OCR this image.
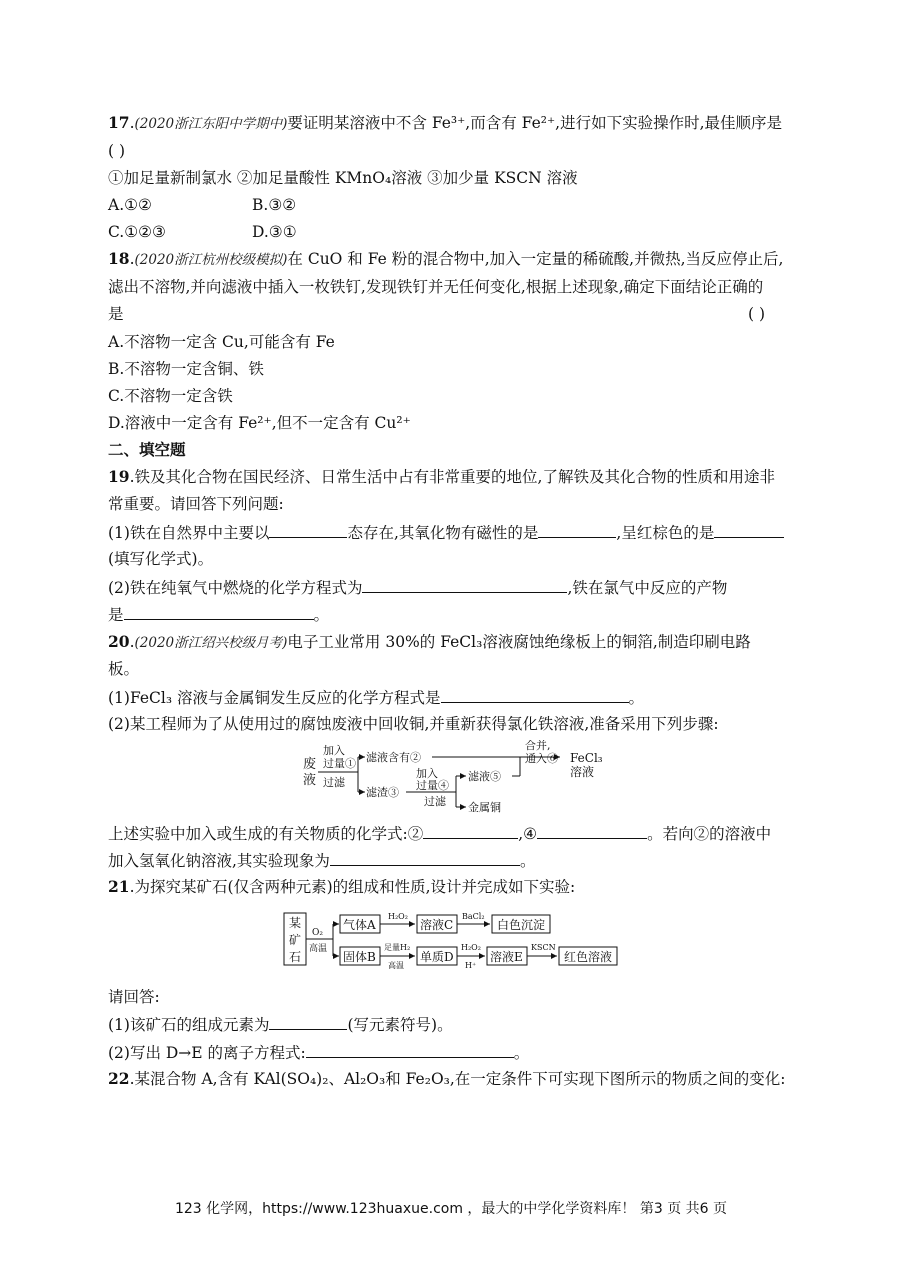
17.(2020浙江东阳中学期中)要证明某溶液中不含 Fe³⁺,而含有 Fe²⁺,进行如下实验操作时,最佳顺序是
( )
①加足量新制氯水 ②加足量酸性 KMnO₄溶液 ③加少量 KSCN 溶液
A.①②	B.③②
C.①②③	D.③①
18.(2020浙江杭州校级模拟)在 CuO 和 Fe 粉的混合物中,加入一定量的稀硫酸,并微热,当反应停止后,
滤出不溶物,并向滤液中插入一枚铁钉,发现铁钉并无任何变化,根据上述现象,确定下面结论正确的
是	( )
A.不溶物一定含 Cu,可能含有 Fe
B.不溶物一定含铜、铁
C.不溶物一定含铁
D.溶液中一定含有 Fe²⁺,但不一定含有 Cu²⁺
二、填空题
19.铁及其化合物在国民经济、日常生活中占有非常重要的地位,了解铁及其化合物的性质和用途非
常重要。请回答下列问题:
(1)铁在自然界中主要以	态存在,其氧化物有磁性的是	,呈红棕色的是
(填写化学式)。
(2)铁在纯氧气中燃烧的化学方程式为	,铁在氯气中反应的产物
是	。
20.(2020浙江绍兴校级月考)电子工业常用 30%的 FeCl₃溶液腐蚀绝缘板上的铜箔,制造印刷电路
板。
(1)FeCl₃ 溶液与金属铜发生反应的化学方程式是	。
(2)某工程师为了从使用过的腐蚀废液中回收铜,并重新获得氯化铁溶液,准备采用下列步骤:
废
液
加入
过量①
过滤
滤液含有②
滤渣③
加入
过量④
过滤
滤液⑤
金属铜
合并,
通入⑥ FeCl₃
溶液
上述实验中加入或生成的有关物质的化学式:②	,④	。若向②的溶液中
加入氢氧化钠溶液,其实验现象为	。
21.为探究某矿石(仅含两种元素)的组成和性质,设计并完成如下实验:
某
矿
石
O₂
高温
气体A
H₂O₂
溶液C
BaCl₂
白色沉淀
固体B
足量H₂
高温
单质D
H₂O₂
H⁺
溶液E
KSCN
红色溶液
请回答:
(1)该矿石的组成元素为	(写元素符号)。
(2)写出 D→E 的离子方程式:	。
22.某混合物 A,含有 KAl(SO₄)₂、Al₂O₃和 Fe₂O₃,在一定条件下可实现下图所示的物质之间的变化:
123 化学网，https://www.123huaxue.com ，最大的中学化学资料库！ 第3 页 共6 页
